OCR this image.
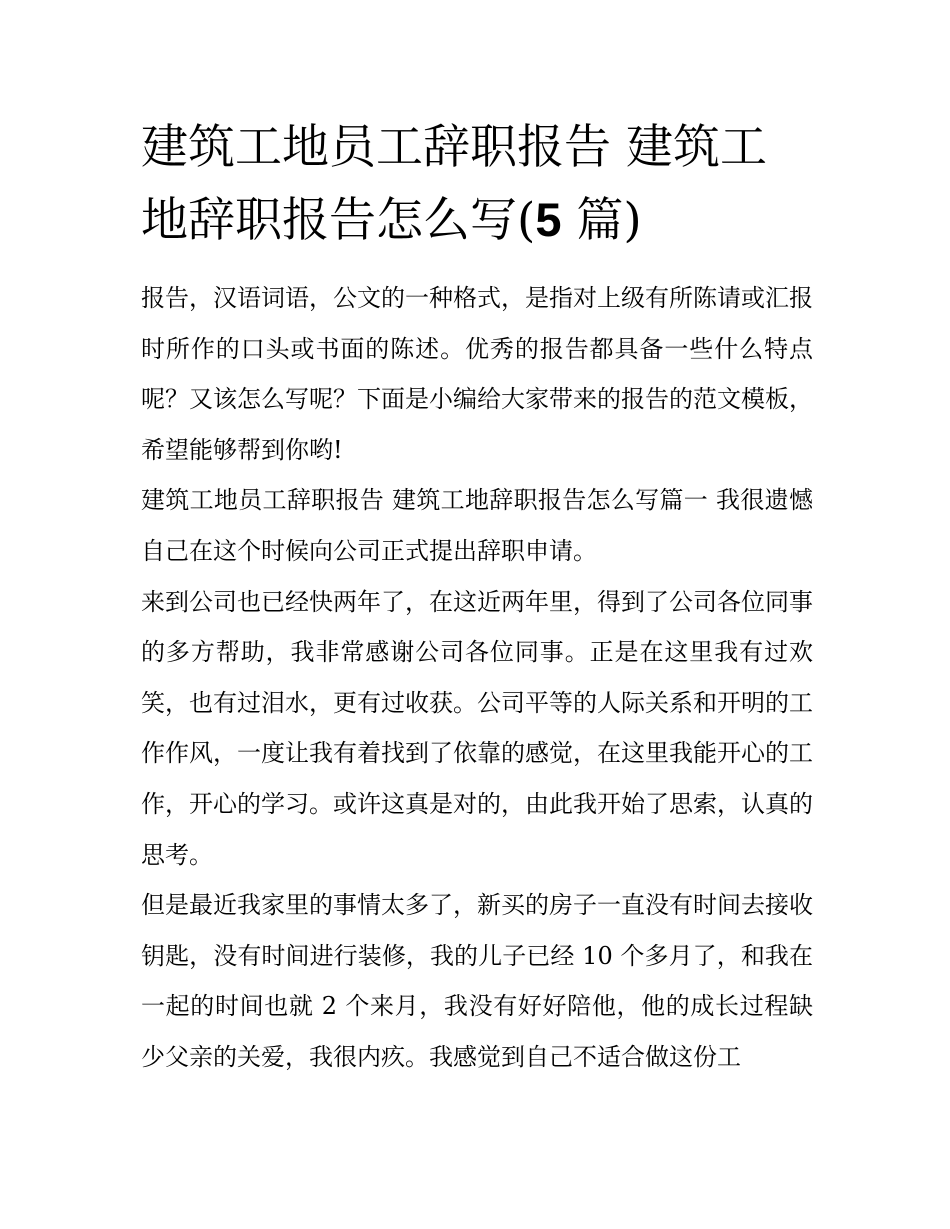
建筑工地员工辞职报告 建筑工地辞职报告怎么写(5 篇)

报告，汉语词语，公文的一种格式，是指对上级有所陈请或汇报时所作的口头或书面的陈述。优秀的报告都具备一些什么特点呢？又该怎么写呢？下面是小编给大家带来的报告的范文模板，希望能够帮到你哟!

建筑工地员工辞职报告 建筑工地辞职报告怎么写篇一 我很遗憾自己在这个时候向公司正式提出辞职申请。

来到公司也已经快两年了，在这近两年里，得到了公司各位同事的多方帮助，我非常感谢公司各位同事。正是在这里我有过欢笑，也有过泪水，更有过收获。公司平等的人际关系和开明的工作作风，一度让我有着找到了依靠的感觉，在这里我能开心的工作，开心的学习。或许这真是对的，由此我开始了思索，认真的思考。

但是最近我家里的事情太多了，新买的房子一直没有时间去接收钥匙，没有时间进行装修，我的儿子已经 10 个多月了，和我在一起的时间也就 2 个来月，我没有好好陪他，他的成长过程缺少父亲的关爱，我很内疚。我感觉到自己不适合做这份工
